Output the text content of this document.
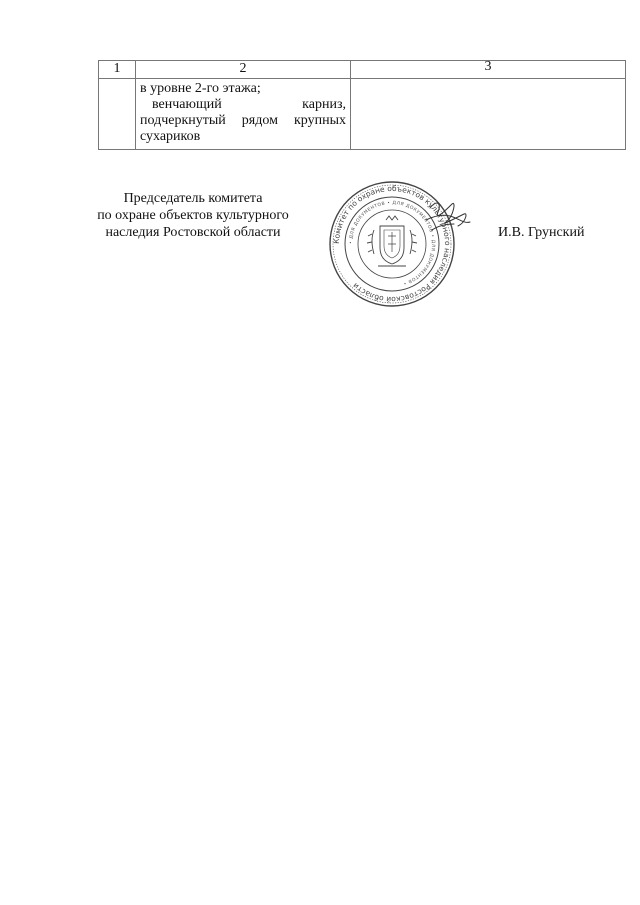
1	2	3

	в уровне 2-го этажа;
венчающий карниз,
подчеркнутый рядом крупных
сухариков	

Председатель комитета
по охране объектов культурного
наследия Ростовской области
Комитет по охране объектов культурного наследия Ростовской области
• ДЛЯ ДОКУМЕНТОВ • ДЛЯ ДОКУМЕНТОВ • ДЛЯ ДОКУМЕНТОВ •
И.В. Грунский
